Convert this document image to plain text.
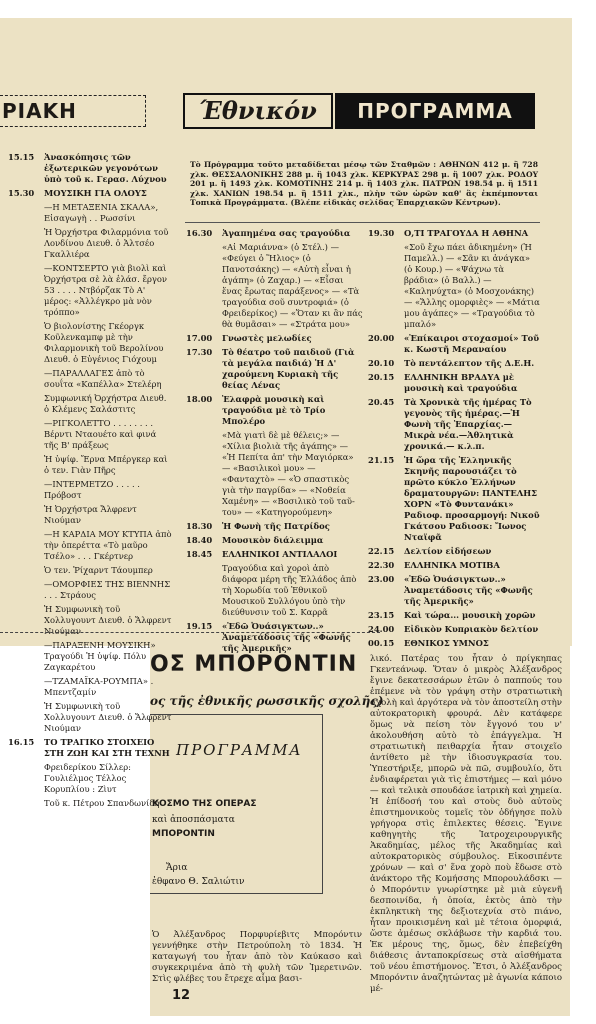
ΡΙΑΚΗ	Έθνικόν	ΠΡΟΓΡΑΜΜΑ
Τὸ Πρόγραμμα τοῦτο μεταδίδεται μέσῳ τῶν Σταθμῶν : ΑΘΗΝΩΝ 412 μ. ἢ 728 χλκ. ΘΕΣΣΑΛΟΝΙΚΗΣ 288 μ. ἢ 1043 χλκ. ΚΕΡΚΥΡΑΣ 298 μ. ἢ 1007 χλκ. ΡΟΔΟΥ 201 μ. ἢ 1493 χλκ. ΚΟΜΟΤΙΝΗΣ 214 μ. ἢ 1403 χλκ. ΠΑΤΡΩΝ 198.54 μ. ἢ 1511 χλκ. ΧΑΝΙΩΝ 198.54 μ. ἢ 1511 χλκ., πλὴν τῶν ὡρῶν καθ' ἃς ἐκπέμπονται Τοπικὰ Προγράμματα. (Βλέπε εἰδικὰς σελίδας Ἐπαρχιακῶν Κέντρων).
15.15	Ἀνασκόπησις τῶν ἐξωτερικῶν γεγονότων ὑπὸ τοῦ κ. Γερασ. Λύχνου
15.30	ΜΟΥΣΙΚΗ ΓΙΑ ΟΛΟΥΣ
—Η ΜΕΤΑΞΕΝΙΑ ΣΚΑΛΑ», Εἰσαγωγὴ . . Ρωσσίνι
Ἡ Ὀρχήστρα Φιλαρμόνια τοῦ Λονδίνου Διευθ. ὁ Ἀλτσέο Γκαλλιέρα
—ΚΟΝΤΣΕΡΤΟ γιὰ βιολὶ καὶ Ὀρχήστρα σὲ λὰ ἐλάσ. ἔργον 53 . . . . Ντβόρζακ Τὸ Α' μέρος: «Ἀλλέγκρο μὰ νὸν τρόππο»
Ὁ βιολονίστης Γκέοργκ Κοῦλενκαμπφ μὲ τὴν Φιλαρμονικὴ τοῦ Βερολίνου Διευθ. ὁ Εὐγένιος Γιόχουμ
—ΠΑΡΑΛΛΑΓΕΣ ἀπὸ τὸ σουΐτα «Καπέλλα» Στελέρη
Συμφωνική Ὀρχήστρα Διευθ. ὁ Κλέμενς Σαλάστιτς
—ΡΙΓΚΟΛΕΤΤΟ . . . . . . . . Βέρντι Νταουέτο καὶ φινά τῆς Β' πράξεως
Ἡ ὑψίφ. Ἔρνα Μπέργκερ καὶ ὁ τεν. Γιὰν Πῆρς
—ΙΝΤΕΡΜΕΤΖΟ . . . . . Πρόβοστ
Ἡ Ὀρχήστρα Ἄλφρεντ Νιούμαν
—Η ΚΑΡΔΙΑ ΜΟΥ ΚΤΥΠΑ ἀπὸ τὴν ὀπερέττα «Τὸ μαῦρο Τσέλο» . . . Γκέρτνερ
Ὁ τεν. Ῥίχαρντ Τάουμπερ
—ΟΜΟΡΦΙΕΣ ΤΗΣ ΒΙΕΝΝΗΣ . . . Στράους
Ἡ Συμφωνικὴ τοῦ Χολλυγουντ Διευθ. ὁ Ἄλφρεντ Νιούμαν
—ΠΑΡΑΞΕΝΗ ΜΟΥΣΙΚΗ» Τραγούδι Ἡ ὑψίφ. Πόλυ Ζαγκαρέτου
—ΤΖΑΜΑΪΚΑ-ΡΟΥΜΠΑ» . Μπεντζαμίν
Ἡ Συμφωνικὴ τοῦ Χολλυγουντ Διευθ. ὁ Ἄλφρεντ Νιούμαν
16.15	ΤΟ ΤΡΑΓΙΚΟ ΣΤΟΙΧΕΙΟ ΣΤΗ ΖΩΗ ΚΑΙ ΣΤΗ ΤΕΧΝΗ
Φρειδερίκου Σίλλερ: Γουλιέλμος Τέλλος Κορυπλίου : Ζὶυτ
Τοῦ κ. Πέτρου Σπανδωνίδη
16.30	Ἀγαπημένα σας τραγούδια
«Αἱ Μαριάννα» (ὁ Στέλ.) — «Φεύγει ὁ Ἥλιος» (ὁ Πανοτσάκης) — «Αὐτὴ εἶναι ἡ ἀγάπη» (ὁ Ζαχαρ.) — «Εἶσαι ἕνας ἔρωτας παράξενος» — «Τὰ τραγούδια σοῦ συντροφιά» (ὁ Φρειδερίκος) — «Ὅταν κι ἂν πάς θὰ θυμᾶσαι» — «Στράτα μου»
17.00	Γνωστὲς μελωδίες
17.30	Τὸ θέατρο τοῦ παιδιοῦ (Γιὰ τὰ μεγάλα παιδιά) Ἡ Δ' χαρούμενη Κυριακὴ τῆς θείας Λένας
18.00	Ἐλαφρὰ μουσικὴ καὶ τραγούδια μὲ τὸ Τρίο Μπολέρο
«Μὰ γιατὶ δὲ μὲ θέλεις;» — «Χίλια βιολιὰ τῆς ἀγάπης» — «Ἡ Πεπίτα ἀπ' τὴν Μαγιόρκα» — «Βασιλικοὶ μου» — «Φανταχτὸ» — «Ὁ σπαστικὸς γιὰ τὴν παγρίδα» — «Νοθεία Χαμένη» — «Βοσιλικὸ τοῦ ταῦ-του» — «Κατηγορούμενη»
18.30	Ἡ Φωνὴ τῆς Πατρίδος
18.40	Μουσικὸν διάλειμμα
18.45	ΕΛΛΗΝΙΚΟΙ ΑΝΤΙΛΑΛΟΙ
Τραγούδια καὶ χοροὶ ἀπὸ διάφορα μέρη τῆς Ἑλλάδος ἀπὸ τὴ Χορωδία τοῦ Ἐθνικοῦ Μουσικοῦ Συλλόγου ὑπὸ τὴν διεύθυνσιν τοῦ Σ. Καρρᾶ
19.15	«Ἐδῶ Ὀυάσιγκτων..» Ἀναμετάδοσις τῆς «Φωνῆς τῆς Ἀμερικῆς»
19.30	Ο,ΤΙ ΤΡΑΓΟΥΔΑ Η ΑΘΗΝΑ
«Σοῦ ἔχω πάει ἀδικημένη» (Ἡ Παμελλ.) — «Σᾶν κι ἀνάγκα» (ὁ Κουρ.) — «Ψάχνω τὰ βράδια» (ὁ Βαλλ.) — «Καληνύχτα» (ὁ Μοσχονάκης) — «Ἄλλης ομορφιὲς» — «Μάτια μου ἀγάπες» — «Τραγούδια τὸ μπαλό»
20.00	«Ἐπίκαιροι στοχασμοί» Τοῦ κ. Κωστῆ Μεραναίου
20.10	Τὸ πεντάλεπτον τῆς Δ.Ε.Η.
20.15	ΕΛΛΗΝΙΚΗ ΒΡΑΔΥΑ μὲ μουσικὴ καὶ τραγούδια
20.45	Τὰ Χρονικὰ τῆς ἡμέρας Τὸ γεγονὸς τῆς ἡμέρας.—Ἡ Φωνὴ τῆς Ἐπαρχίας.—Μικρὰ νέα.—Ἀθλητικὰ χρονικά.— κ.λ.π.
21.15	Ἡ ὥρα τῆς Ἑλληνικῆς Σκηνῆς παρουσιάζει τὸ πρῶτο κύκλο Ἑλλήνων δραματουργῶν: ΠΑΝΤΕΛΗΣ ΧΟΡΝ «Τὸ Φυντανάκι» Ραδιοφ. προσαρμογή: Νικοῦ Γκάτσου Ραδιοσκ: Ἴωνος Νταϊφᾶ
22.15	Δελτίον εἰδήσεων
22.30	ΕΛΛΗΝΙΚΑ ΜΟΤΙΒΑ
23.00	«Ἐδῶ Ὀυάσιγκτων..» Ἀναμετάδοσις τῆς «Φωνῆς τῆς Ἀμερικῆς»
23.15	Καὶ τώρα... μουσικὴ χορῶν
24.00	Εἰδικὸν Κυπριακὸν δελτίον
00.15	ΕΘΝΙΚΟΣ ΥΜΝΟΣ
ΟΣ ΜΠΟΡΟΝΤΙΝ
ος τῆς ἐθνικῆς ρωσσικῆς σχολῆς)
ΠΡΟΓΡΑΜΜΑ
ΚΟΣΜΟ ΤΗΣ ΟΠΕΡΑΣ
καὶ ἀποσπάσματα
ΜΠΟΡΟΝΤΙΝ
Ἄρια
ἐθφανο Θ. Σαλιώτιν
Ὁ Ἀλέξανδρος Πορφυρίεβιτς Μπορόντιν γεννήθηκε στὴν Πετρούπολη τὸ 1834. Ἡ καταγωγή του ἦταν ἀπὸ τὸν Καύκασο καὶ συγκεκριμένα ἀπὸ τὴ φυλὴ τῶν Ἰμερετινῶν. Στὶς φλέβες του ἔτρεχε αἷμα βασι-
λικό. Πατέρας του ἦταν ὁ πρίγκηπας Γκεντεάνωφ. Ὅταν ὁ μικρὸς Ἀλέξανδρος ἔγινε δεκατεσσάρων ἐτῶν ὁ παππούς του ἐπέμενε νὰ τὸν γράψη στὴν στρατιωτικὴ σχολὴ καὶ ἀργότερα νὰ τὸν ἀποστείλη στὴν αὐτοκρατορικὴ φρουρά. Δὲν κατάφερε ὅμως νὰ πείση τὸν ἔγγονό του ν' ἀκολουθήση αὐτὸ τὸ ἐπάγγελμα. Ἡ στρατιωτικὴ πειθαρχία ἦταν στοιχεῖο ἀντίθετο μὲ τὴν ἰδιοσυγκρασία του. Ὑπεστήριξε, μπορῶ νὰ πῶ, συμβουλίο, ὅτι ἐνδιαφέρεται γιὰ τὶς ἐπιστήμες — καὶ μόνο — καὶ τελικὰ σπουδάσε ἰατρικὴ καὶ χημεία. Ἡ ἐπίδοσή του καὶ στοὺς δυὸ αὐτοὺς ἐπιστημονικοὺς τομεῖς τὸν ὁδήγησε πολὺ γρήγορα στὶς ἐπιλεκτες θέσεις. Ἔγινε καθηγητὴς τῆς Ἰατροχειρουργικῆς Ἀκαδημίας, μέλος τῆς Ἀκαδημίας καὶ αὐτοκρατορικὸς σύμβουλος. Εἰκοσιπέντε χρόνων — καὶ σ' ἕνα χορὸ ποὺ ἔδωσε στὸ ἀνάκτορο τῆς Κομήσσης Μπορουλάδσκι — ὁ Μπορόντιν γνωρίστηκε μὲ μιὰ εὐγενῆ δεσποινίδα, ἡ ὁποία, ἐκτὸς ἀπὸ τὴν ἐκπληκτικὴ της δεξιοτεχνία στὸ πιάνο, ἦταν προικισμένη καὶ μὲ τέτοια ὀμορφιά, ὥστε ἀμέσως σκλάβωσε τὴν καρδιά του. Ἐκ μέρους της, ὅμως, δὲν ἐπεβείχθη διάθεσις ἀνταποκρίσεως στὰ αἰσθήματα τοῦ νέου ἐπιστήμονος. Ἔτσι, ὁ Ἀλέξανδρος Μπορόντιν ἀναζητώντας μὲ ἀγωνία κάποιο μέ-
12
